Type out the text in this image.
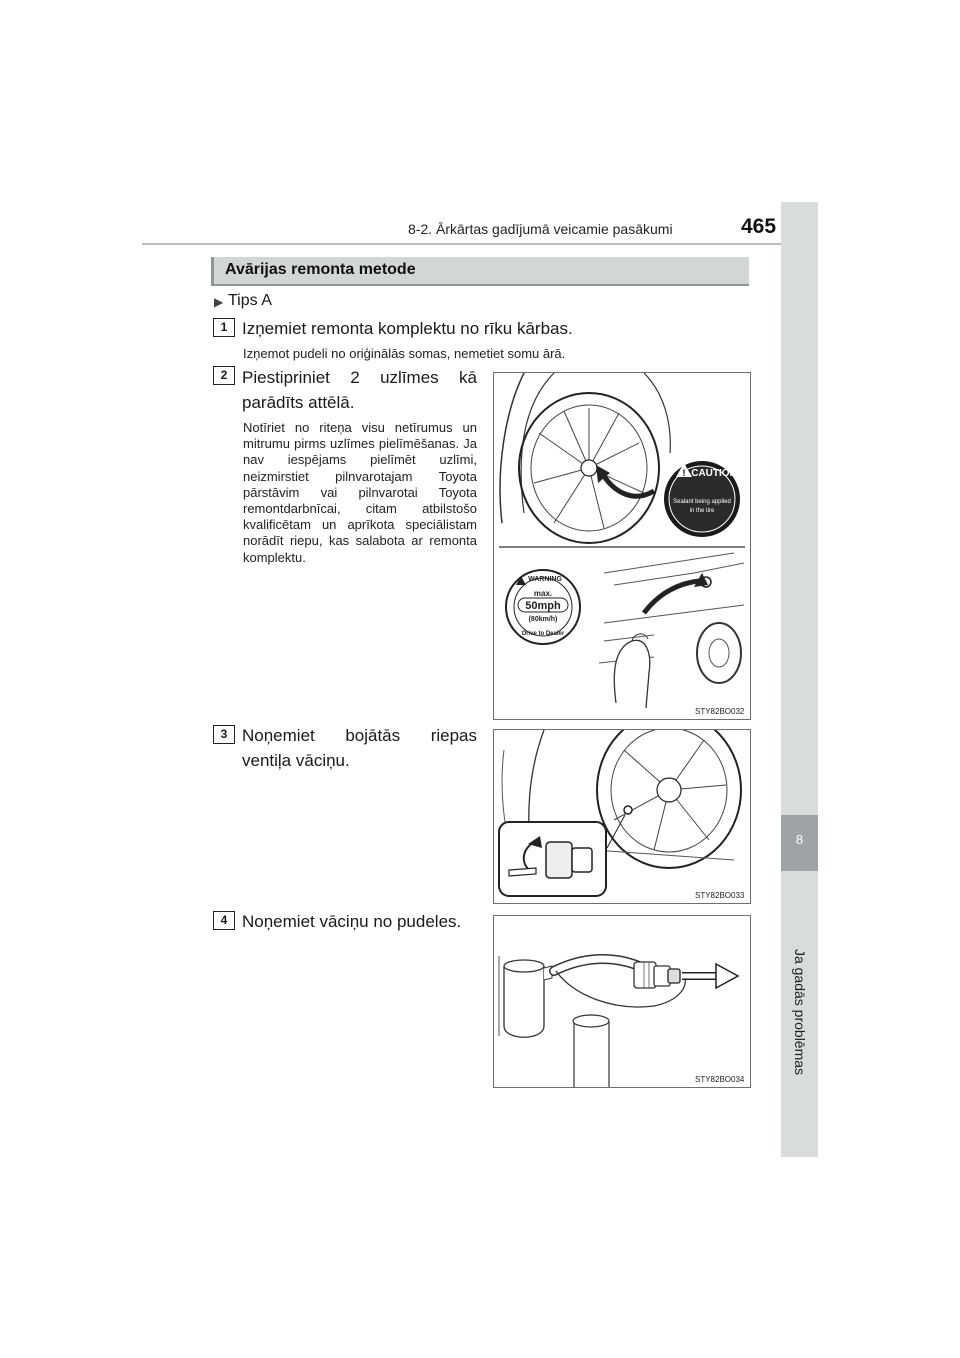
8-2. Ārkārtas gadījumā veicamie pasākumi	465
8
Ja gadās problēmas
Avārijas remonta metode
▶ Tips A
1 Izņemiet remonta komplektu no rīku kārbas.
Izņemot pudeli no oriģinālās somas, nemetiet somu ārā.
2 Piestipriniet 2 uzlīmes kā parādīts attēlā.
Notīriet no riteņa visu netīrumus un mitrumu pirms uzlīmes pielīmēšanas. Ja nav iespējams pielīmēt uzlīmi, neizmirstiet pilnvarotajam Toyota pārstāvim vai pilnvarotai Toyota remontdarbnīcai, citam atbilstošo kvalificētam un aprīkota speciālistam norādīt riepu, kas salabota ar remonta komplektu.
! CAUTION
Sealant being applied
in the tire
WARNING
max.
50mph
(80km/h)
Drive to Dealer
STY82BO032
3 Noņemiet bojātās riepas ventiļa vāciņu.
STY82BO033
4 Noņemiet vāciņu no pudeles.
STY82BO034
